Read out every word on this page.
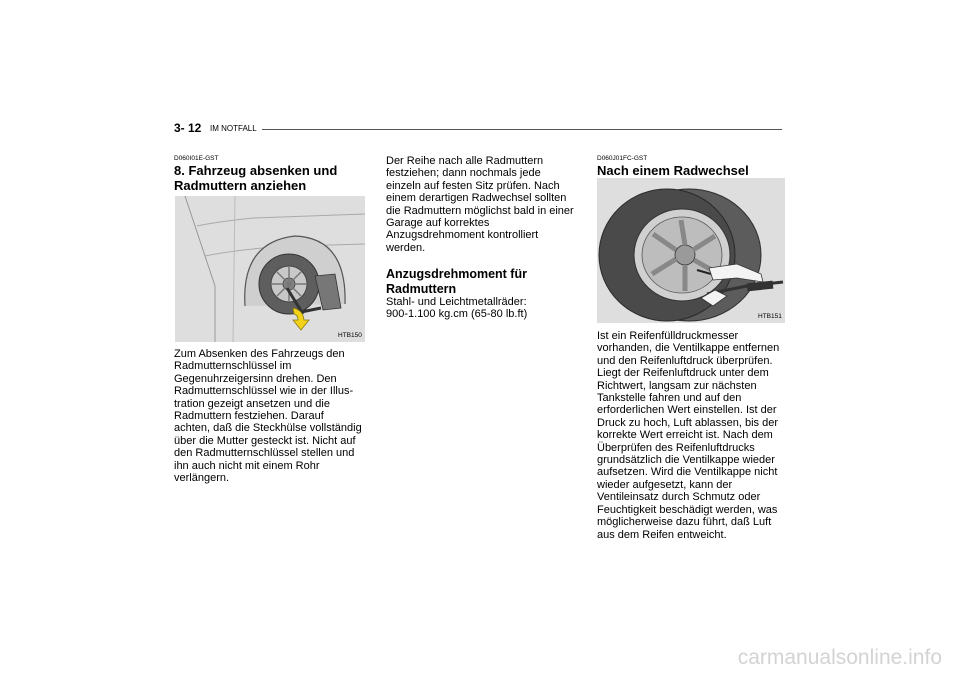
3- 12 IM NOTFALL
D060I01E-GST
8. Fahrzeug absenken und
Radmuttern anziehen
HTB150
Zum Absenken des Fahrzeugs den
Radmutternschlüssel im
Gegenuhrzeigersinn drehen. Den
Radmutternschlüssel wie in der Illus-
tration gezeigt ansetzen und die
Radmuttern festziehen. Darauf
achten, daß die Steckhülse vollständig
über die Mutter gesteckt ist. Nicht auf
den Radmutternschlüssel stellen und
ihn auch nicht mit einem Rohr
verlängern.
Der Reihe nach alle Radmuttern
festziehen; dann nochmals jede
einzeln auf festen Sitz prüfen. Nach
einem derartigen Radwechsel sollten
die Radmuttern möglichst bald in einer
Garage auf korrektes
Anzugsdrehmoment kontrolliert
werden.
Anzugsdrehmoment für
Radmuttern
Stahl- und Leichtmetallräder:
900-1.100 kg.cm (65-80 lb.ft)
D060J01FC-GST
Nach einem Radwechsel
HTB151
Ist ein Reifenfülldruckmesser
vorhanden, die Ventilkappe entfernen
und den Reifenluftdruck überprüfen.
Liegt der Reifenluftdruck unter dem
Richtwert, langsam zur nächsten
Tankstelle fahren und auf den
erforderlichen Wert einstellen. Ist der
Druck zu hoch, Luft ablassen, bis der
korrekte Wert erreicht ist. Nach dem
Überprüfen des Reifenluftdrucks
grundsätzlich die Ventilkappe wieder
aufsetzen. Wird die Ventilkappe nicht
wieder aufgesetzt, kann der
Ventileinsatz durch Schmutz oder
Feuchtigkeit beschädigt werden, was
möglicherweise dazu führt, daß Luft
aus dem Reifen entweicht.
carmanualsonline.info
